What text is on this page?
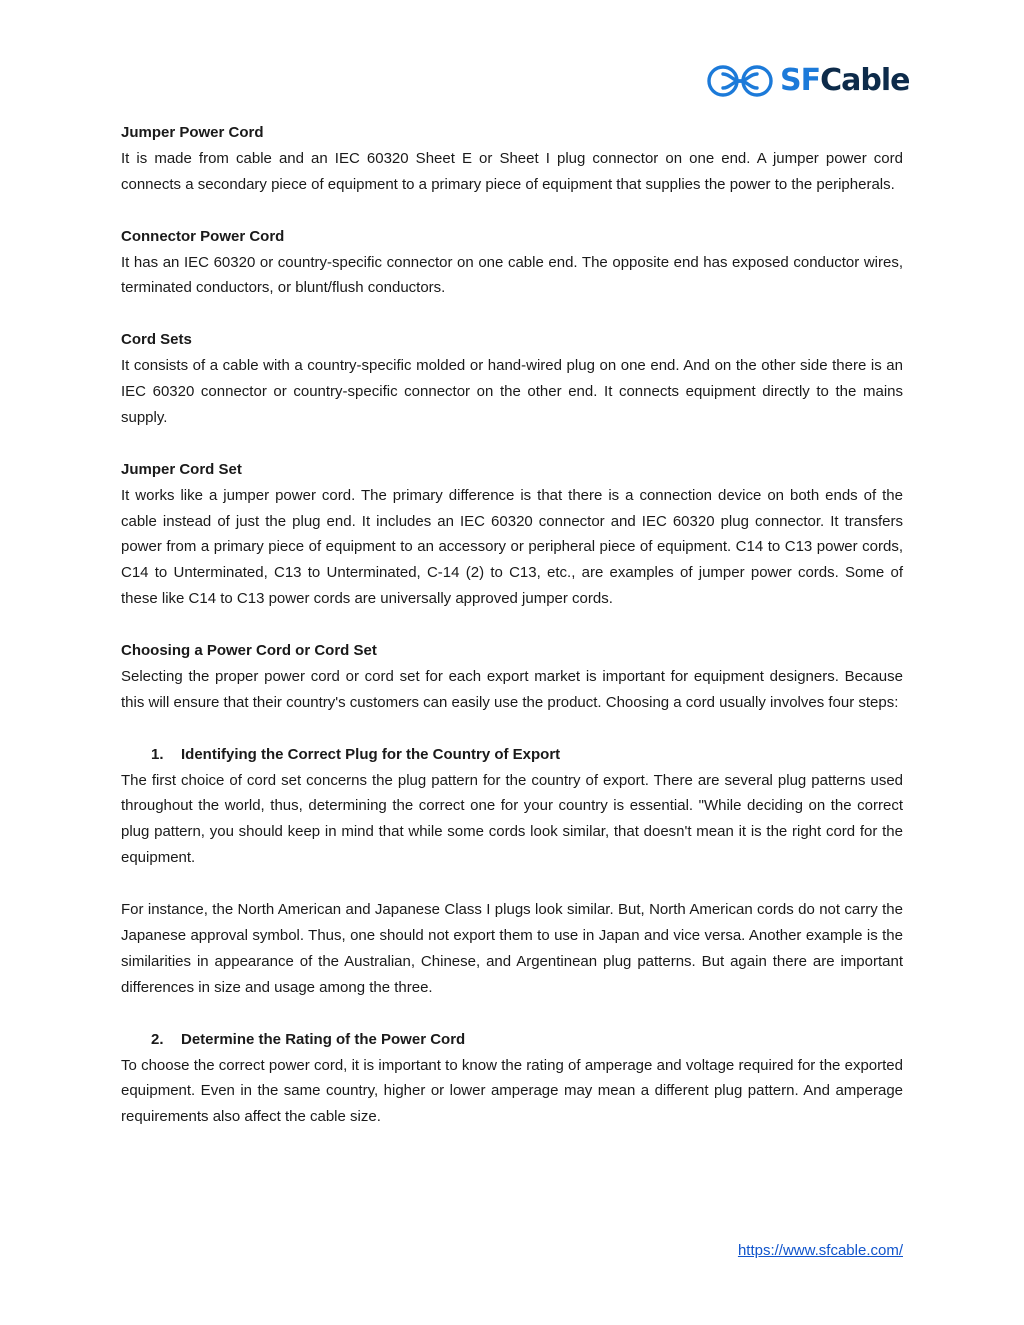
SFCable
Jumper Power Cord

It is made from cable and an IEC 60320 Sheet E or Sheet I plug connector on one end. A jumper power cord connects a secondary piece of equipment to a primary piece of equipment that supplies the power to the peripherals.

Connector Power Cord

It has an IEC 60320 or country-specific connector on one cable end. The opposite end has exposed conductor wires, terminated conductors, or blunt/flush conductors.

Cord Sets

It consists of a cable with a country-specific molded or hand-wired plug on one end. And on the other side there is an IEC 60320 connector or country-specific connector on the other end. It connects equipment directly to the mains supply.

Jumper Cord Set

It works like a jumper power cord. The primary difference is that there is a connection device on both ends of the cable instead of just the plug end. It includes an IEC 60320 connector and IEC 60320 plug connector. It transfers power from a primary piece of equipment to an accessory or peripheral piece of equipment. C14 to C13 power cords, C14 to Unterminated, C13 to Unterminated, C-14 (2) to C13, etc., are examples of jumper power cords. Some of these like C14 to C13 power cords are universally approved jumper cords.

Choosing a Power Cord or Cord Set

Selecting the proper power cord or cord set for each export market is important for equipment designers. Because this will ensure that their country's customers can easily use the product. Choosing a cord usually involves four steps:

1. Identifying the Correct Plug for the Country of Export

The first choice of cord set concerns the plug pattern for the country of export. There are several plug patterns used throughout the world, thus, determining the correct one for your country is essential. "While deciding on the correct plug pattern, you should keep in mind that while some cords look similar, that doesn't mean it is the right cord for the equipment.

For instance, the North American and Japanese Class I plugs look similar. But, North American cords do not carry the Japanese approval symbol. Thus, one should not export them to use in Japan and vice versa. Another example is the similarities in appearance of the Australian, Chinese, and Argentinean plug patterns. But again there are important differences in size and usage among the three.

2. Determine the Rating of the Power Cord

To choose the correct power cord, it is important to know the rating of amperage and voltage required for the exported equipment. Even in the same country, higher or lower amperage may mean a different plug pattern. And amperage requirements also affect the cable size.

https://www.sfcable.com/
